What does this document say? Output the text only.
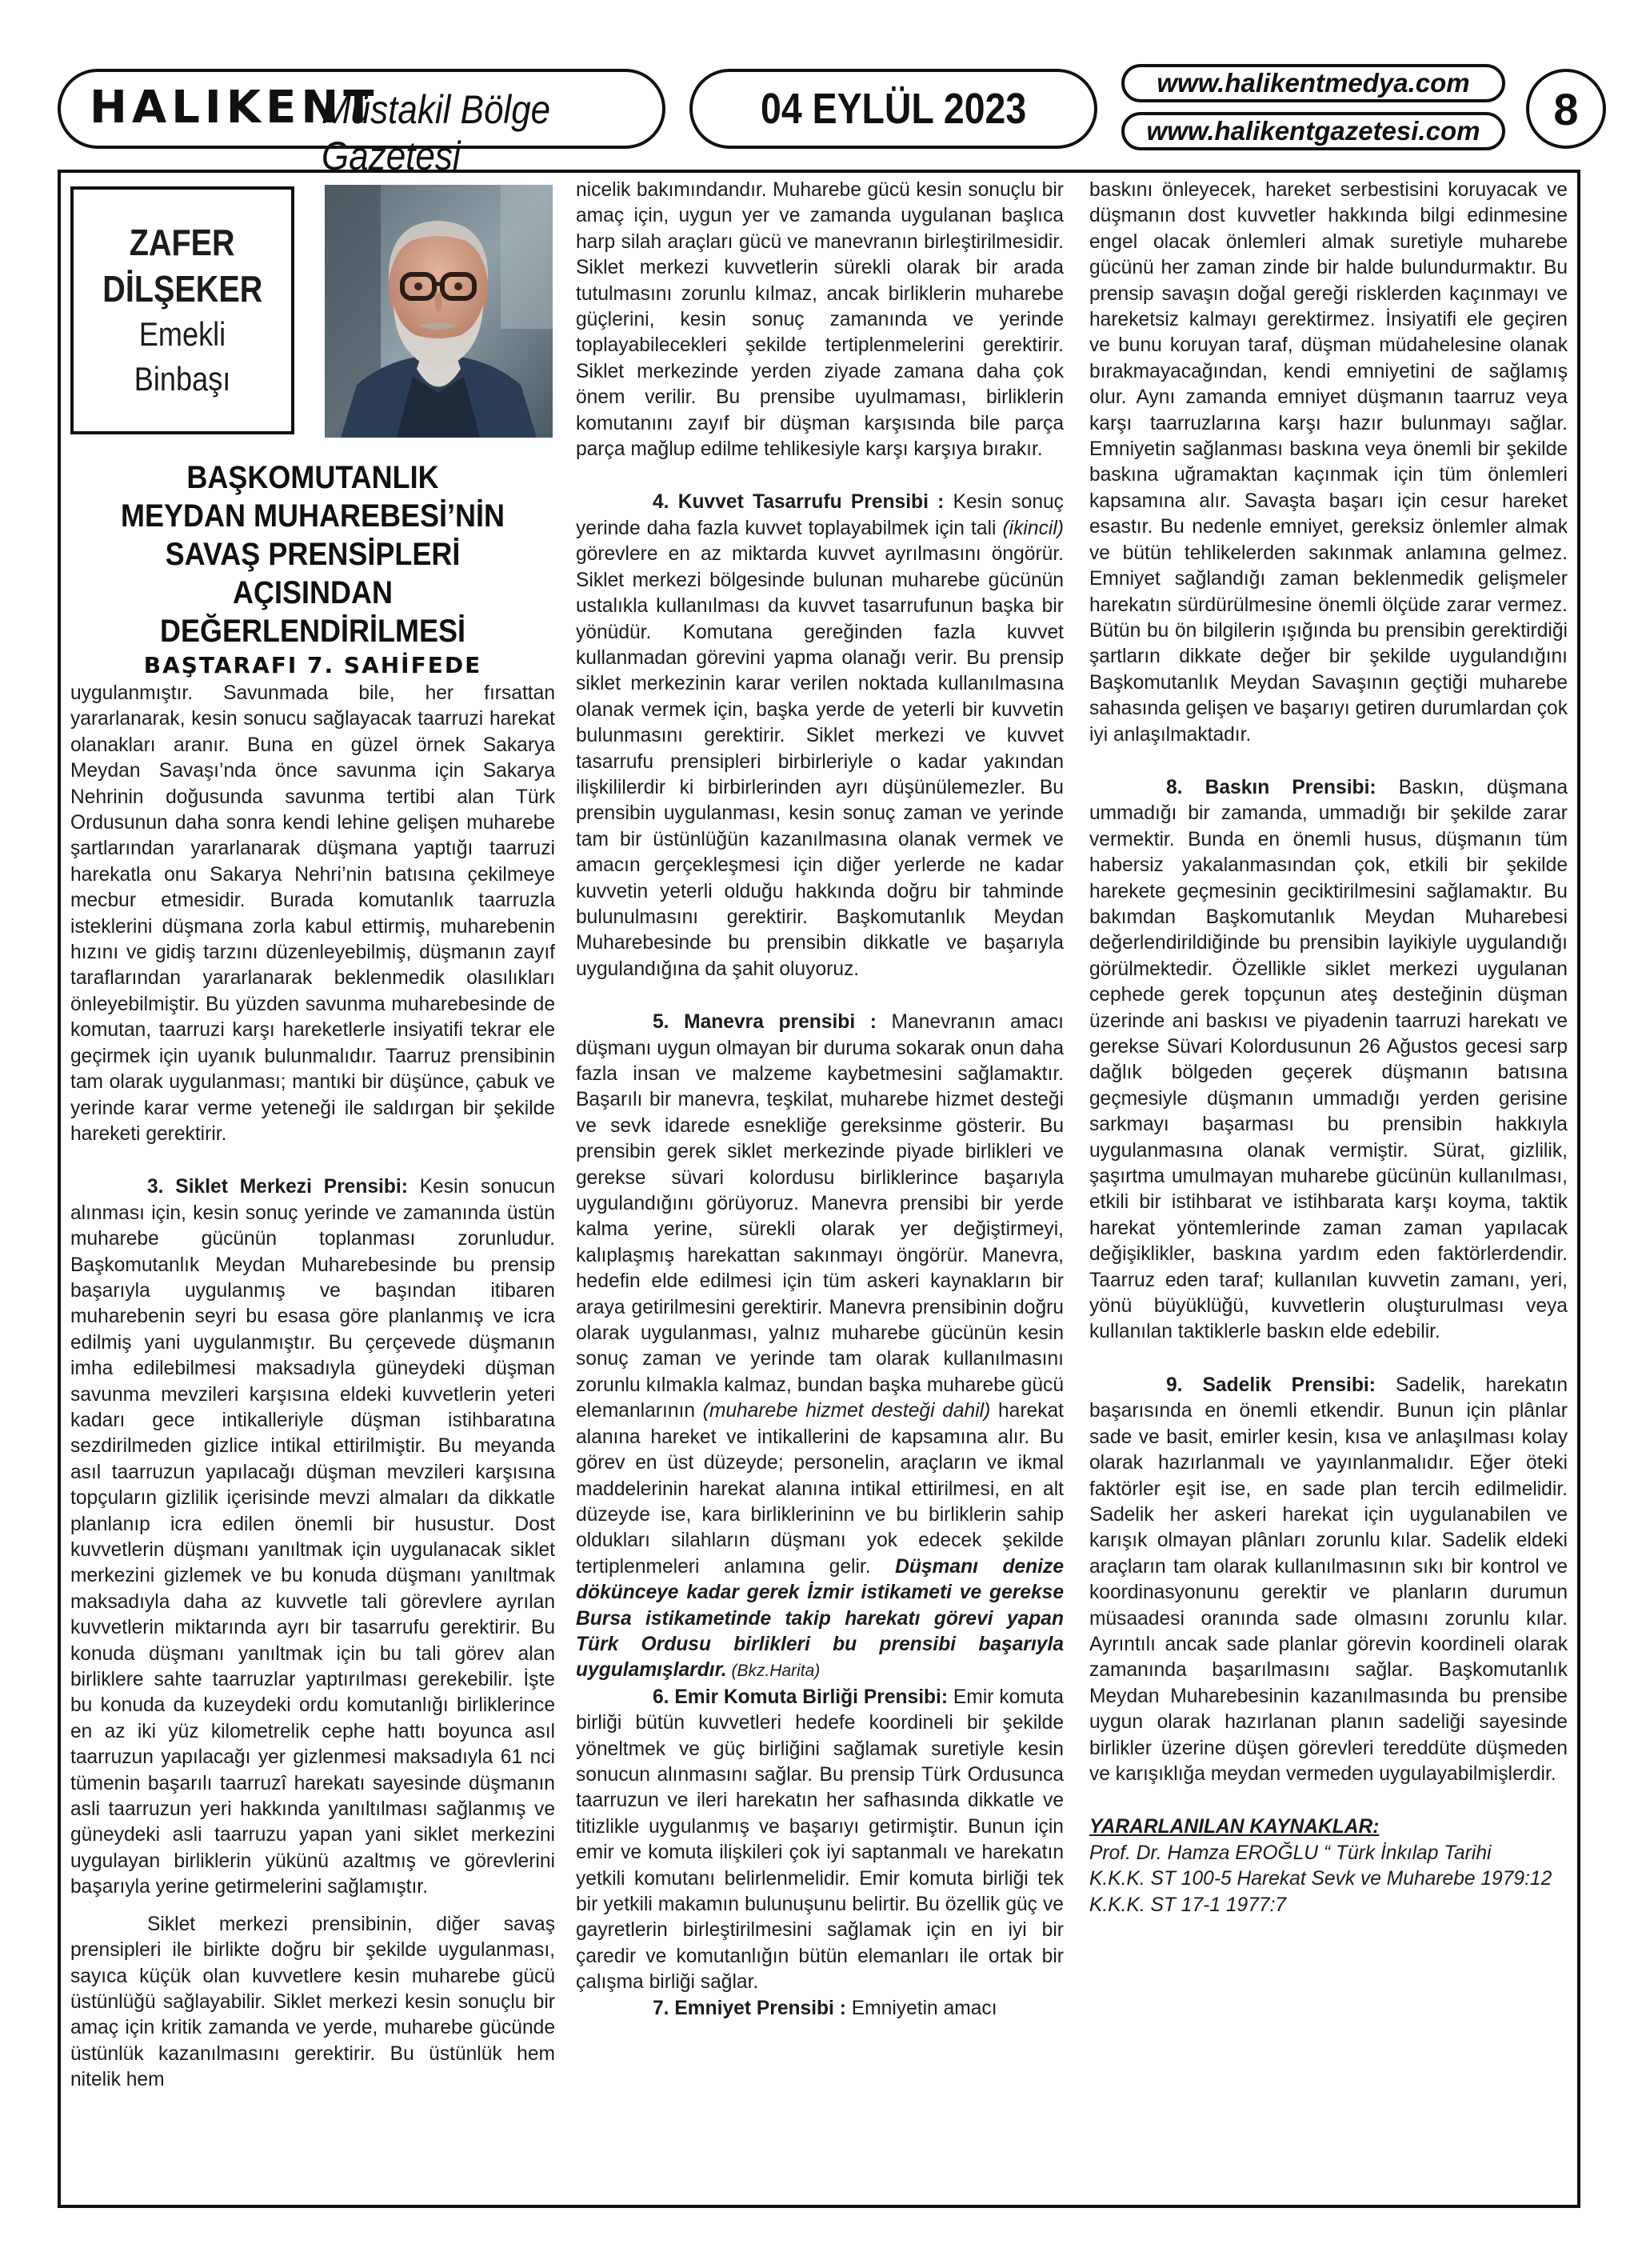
HALIKENT
Müstakil Bölge Gazetesi
04 EYLÜL 2023
www.halikentmedya.com
www.halikentgazetesi.com 8
ZAFER
DİLŞEKER
Emekli
Binbaşı
BAŞKOMUTANLIK
MEYDAN MUHAREBESİ’NİN
SAVAŞ PRENSİPLERİ AÇISINDAN
DEĞERLENDİRİLMESİ
BAŞTARAFI 7. SAHİFEDE

uygulanmıştır. Savunmada bile, her fırsattan yararlanarak, kesin sonucu sağlayacak taarruzi harekat olanakları aranır. Buna en güzel örnek Sakarya Meydan Savaşı’nda önce savunma için Sakarya Nehrinin doğusunda savunma tertibi alan Türk Ordusunun daha sonra kendi lehine gelişen muharebe şartlarından yararlanarak düşmana yaptığı taarruzi harekatla onu Sakarya Nehri’nin batısına çekilmeye mecbur etmesidir. Burada komutanlık taarruzla isteklerini düşmana zorla kabul ettirmiş, muharebenin hızını ve gidiş tarzını düzenleyebilmiş, düşmanın zayıf taraflarından yararlanarak beklenmedik olasılıkları önleyebilmiştir. Bu yüzden savunma muharebesinde de komutan, taarruzi karşı hareketlerle insiyatifi tekrar ele geçirmek için uyanık bulunmalıdır. Taarruz prensibinin tam olarak uygulanması; mantıki bir düşünce, çabuk ve yerinde karar verme yeteneği ile saldırgan bir şekilde hareketi gerektirir.

3. Siklet Merkezi Prensibi: Kesin sonucun alınması için, kesin sonuç yerinde ve zamanında üstün muharebe gücünün toplanması zorunludur. Başkomutanlık Meydan Muharebesinde bu prensip başarıyla uygulanmış ve başından itibaren muharebenin seyri bu esasa göre planlanmış ve icra edilmiş yani uygulanmıştır. Bu çerçevede düşmanın imha edilebilmesi maksadıyla güneydeki düşman savunma mevzileri karşısına eldeki kuvvetlerin yeteri kadarı gece intikalleriyle düşman istihbaratına sezdirilmeden gizlice intikal ettirilmiştir. Bu meyanda asıl taarruzun yapılacağı düşman mevzileri karşısına topçuların gizlilik içerisinde mevzi almaları da dikkatle planlanıp icra edilen önemli bir husustur. Dost kuvvetlerin düşmanı yanıltmak için uygulanacak siklet merkezini gizlemek ve bu konuda düşmanı yanıltmak maksadıyla daha az kuvvetle tali görevlere ayrılan kuvvetlerin miktarında ayrı bir tasarrufu gerektirir. Bu konuda düşmanı yanıltmak için bu tali görev alan birliklere sahte taarruzlar yaptırılması gerekebilir. İşte bu konuda da kuzeydeki ordu komutanlığı birliklerince en az iki yüz kilometrelik cephe hattı boyunca asıl taarruzun yapılacağı yer gizlenmesi maksadıyla 61 nci tümenin başarılı taarruzî harekatı sayesinde düşmanın asli taarruzun yeri hakkında yanıltılması sağlanmış ve güneydeki asli taarruzu yapan yani siklet merkezini uygulayan birliklerin yükünü azaltmış ve görevlerini başarıyla yerine getirmelerini sağlamıştır.

Siklet merkezi prensibinin, diğer savaş prensipleri ile birlikte doğru bir şekilde uygulanması, sayıca küçük olan kuvvetlere kesin muharebe gücü üstünlüğü sağlayabilir. Siklet merkezi kesin sonuçlu bir amaç için kritik zamanda ve yerde, muharebe gücünde üstünlük kazanılmasını gerektirir. Bu üstünlük hem nitelik hem

nicelik bakımındandır. Muharebe gücü kesin sonuçlu bir amaç için, uygun yer ve zamanda uygulanan başlıca harp silah araçları gücü ve manevranın birleştirilmesidir. Siklet merkezi kuvvetlerin sürekli olarak bir arada tutulmasını zorunlu kılmaz, ancak birliklerin muharebe güçlerini, kesin sonuç zamanında ve yerinde toplayabilecekleri şekilde tertiplenmelerini gerektirir. Siklet merkezinde yerden ziyade zamana daha çok önem verilir. Bu prensibe uyulmaması, birliklerin komutanını zayıf bir düşman karşısında bile parça parça mağlup edilme tehlikesiyle karşı karşıya bırakır.

4. Kuvvet Tasarrufu Prensibi : Kesin sonuç yerinde daha fazla kuvvet toplayabilmek için tali (ikincil) görevlere en az miktarda kuvvet ayrılmasını öngörür. Siklet merkezi bölgesinde bulunan muharebe gücünün ustalıkla kullanılması da kuvvet tasarrufunun başka bir yönüdür. Komutana gereğinden fazla kuvvet kullanmadan görevini yapma olanağı verir. Bu prensip siklet merkezinin karar verilen noktada kullanılmasına olanak vermek için, başka yerde de yeterli bir kuvvetin bulunmasını gerektirir. Siklet merkezi ve kuvvet tasarrufu prensipleri birbirleriyle o kadar yakından ilişkililerdir ki birbirlerinden ayrı düşünülemezler. Bu prensibin uygulanması, kesin sonuç zaman ve yerinde tam bir üstünlüğün kazanılmasına olanak vermek ve amacın gerçekleşmesi için diğer yerlerde ne kadar kuvvetin yeterli olduğu hakkında doğru bir tahminde bulunulmasını gerektirir. Başkomutanlık Meydan Muharebesinde bu prensibin dikkatle ve başarıyla uygulandığına da şahit oluyoruz.

5. Manevra prensibi : Manevranın amacı düşmanı uygun olmayan bir duruma sokarak onun daha fazla insan ve malzeme kaybetmesini sağlamaktır. Başarılı bir manevra, teşkilat, muharebe hizmet desteği ve sevk idarede esnekliğe gereksinme gösterir. Bu prensibin gerek siklet merkezinde piyade birlikleri ve gerekse süvari kolordusu birliklerince başarıyla uygulandığını görüyoruz. Manevra prensibi bir yerde kalma yerine, sürekli olarak yer değiştirmeyi, kalıplaşmış harekattan sakınmayı öngörür. Manevra, hedefin elde edilmesi için tüm askeri kaynakların bir araya getirilmesini gerektirir. Manevra prensibinin doğru olarak uygulanması, yalnız muharebe gücünün kesin sonuç zaman ve yerinde tam olarak kullanılmasını zorunlu kılmakla kalmaz, bundan başka muharebe gücü elemanlarının (muharebe hizmet desteği dahil) harekat alanına hareket ve intikallerini de kapsamına alır. Bu görev en üst düzeyde; personelin, araçların ve ikmal maddelerinin harekat alanına intikal ettirilmesi, en alt düzeyde ise, kara birliklerininn ve bu birliklerin sahip oldukları silahların düşmanı yok edecek şekilde tertiplenmeleri anlamına gelir. Düşmanı denize dökünceye kadar gerek İzmir istikameti ve gerekse Bursa istikametinde takip harekatı görevi yapan Türk Ordusu birlikleri bu prensibi başarıyla uygulamışlardır. (Bkz.Harita)

6. Emir Komuta Birliği Prensibi: Emir komuta birliği bütün kuvvetleri hedefe koordineli bir şekilde yöneltmek ve güç birliğini sağlamak suretiyle kesin sonucun alınmasını sağlar. Bu prensip Türk Ordusunca taarruzun ve ileri harekatın her safhasında dikkatle ve titizlikle uygulanmış ve başarıyı getirmiştir. Bunun için emir ve komuta ilişkileri çok iyi saptanmalı ve harekatın yetkili komutanı belirlenmelidir. Emir komuta birliği tek bir yetkili makamın bulunuşunu belirtir. Bu özellik güç ve gayretlerin birleştirilmesini sağlamak için en iyi bir çaredir ve komutanlığın bütün elemanları ile ortak bir çalışma birliği sağlar.

7. Emniyet Prensibi : Emniyetin amacı

baskını önleyecek, hareket serbestisini koruyacak ve düşmanın dost kuvvetler hakkında bilgi edinmesine engel olacak önlemleri almak suretiyle muharebe gücünü her zaman zinde bir halde bulundurmaktır. Bu prensip savaşın doğal gereği risklerden kaçınmayı ve hareketsiz kalmayı gerektirmez. İnsiyatifi ele geçiren ve bunu koruyan taraf, düşman müdahelesine olanak bırakmayacağından, kendi emniyetini de sağlamış olur. Aynı zamanda emniyet düşmanın taarruz veya karşı taarruzlarına karşı hazır bulunmayı sağlar. Emniyetin sağlanması baskına veya önemli bir şekilde baskına uğramaktan kaçınmak için tüm önlemleri kapsamına alır. Savaşta başarı için cesur hareket esastır. Bu nedenle emniyet, gereksiz önlemler almak ve bütün tehlikelerden sakınmak anlamına gelmez. Emniyet sağlandığı zaman beklenmedik gelişmeler harekatın sürdürülmesine önemli ölçüde zarar vermez. Bütün bu ön bilgilerin ışığında bu prensibin gerektirdiği şartların dikkate değer bir şekilde uygulandığını Başkomutanlık Meydan Savaşının geçtiği muharebe sahasında gelişen ve başarıyı getiren durumlardan çok iyi anlaşılmaktadır.

8. Baskın Prensibi: Baskın, düşmana ummadığı bir zamanda, ummadığı bir şekilde zarar vermektir. Bunda en önemli husus, düşmanın tüm habersiz yakalanmasından çok, etkili bir şekilde harekete geçmesinin geciktirilmesini sağlamaktır. Bu bakımdan Başkomutanlık Meydan Muharebesi değerlendirildiğinde bu prensibin layikiyle uygulandığı görülmektedir. Özellikle siklet merkezi uygulanan cephede gerek topçunun ateş desteğinin düşman üzerinde ani baskısı ve piyadenin taarruzi harekatı ve gerekse Süvari Kolordusunun 26 Ağustos gecesi sarp dağlık bölgeden geçerek düşmanın batısına geçmesiyle düşmanın ummadığı yerden gerisine sarkmayı başarması bu prensibin hakkıyla uygulanmasına olanak vermiştir. Sürat, gizlilik, şaşırtma umulmayan muharebe gücünün kullanılması, etkili bir istihbarat ve istihbarata karşı koyma, taktik harekat yöntemlerinde zaman zaman yapılacak değişiklikler, baskına yardım eden faktörlerdendir. Taarruz eden taraf; kullanılan kuvvetin zamanı, yeri, yönü büyüklüğü, kuvvetlerin oluşturulması veya kullanılan taktiklerle baskın elde edebilir.

9. Sadelik Prensibi: Sadelik, harekatın başarısında en önemli etkendir. Bunun için plânlar sade ve basit, emirler kesin, kısa ve anlaşılması kolay olarak hazırlanmalı ve yayınlanmalıdır. Eğer öteki faktörler eşit ise, en sade plan tercih edilmelidir. Sadelik her askeri harekat için uygulanabilen ve karışık olmayan plânları zorunlu kılar. Sadelik eldeki araçların tam olarak kullanılmasının sıkı bir kontrol ve koordinasyonunu gerektir ve planların durumun müsaadesi oranında sade olmasını zorunlu kılar. Ayrıntılı ancak sade planlar görevin koordineli olarak zamanında başarılmasını sağlar. Başkomutanlık Meydan Muharebesinin kazanılmasında bu prensibe uygun olarak hazırlanan planın sadeliği sayesinde birlikler üzerine düşen görevleri tereddüte düşmeden ve karışıklığa meydan vermeden uygulayabilmişlerdir.

YARARLANILAN KAYNAKLAR:

Prof. Dr. Hamza EROĞLU “ Türk İnkılap Tarihi

K.K.K. ST 100-5 Harekat Sevk ve Muharebe 1979:12

K.K.K. ST 17-1 1977:7
